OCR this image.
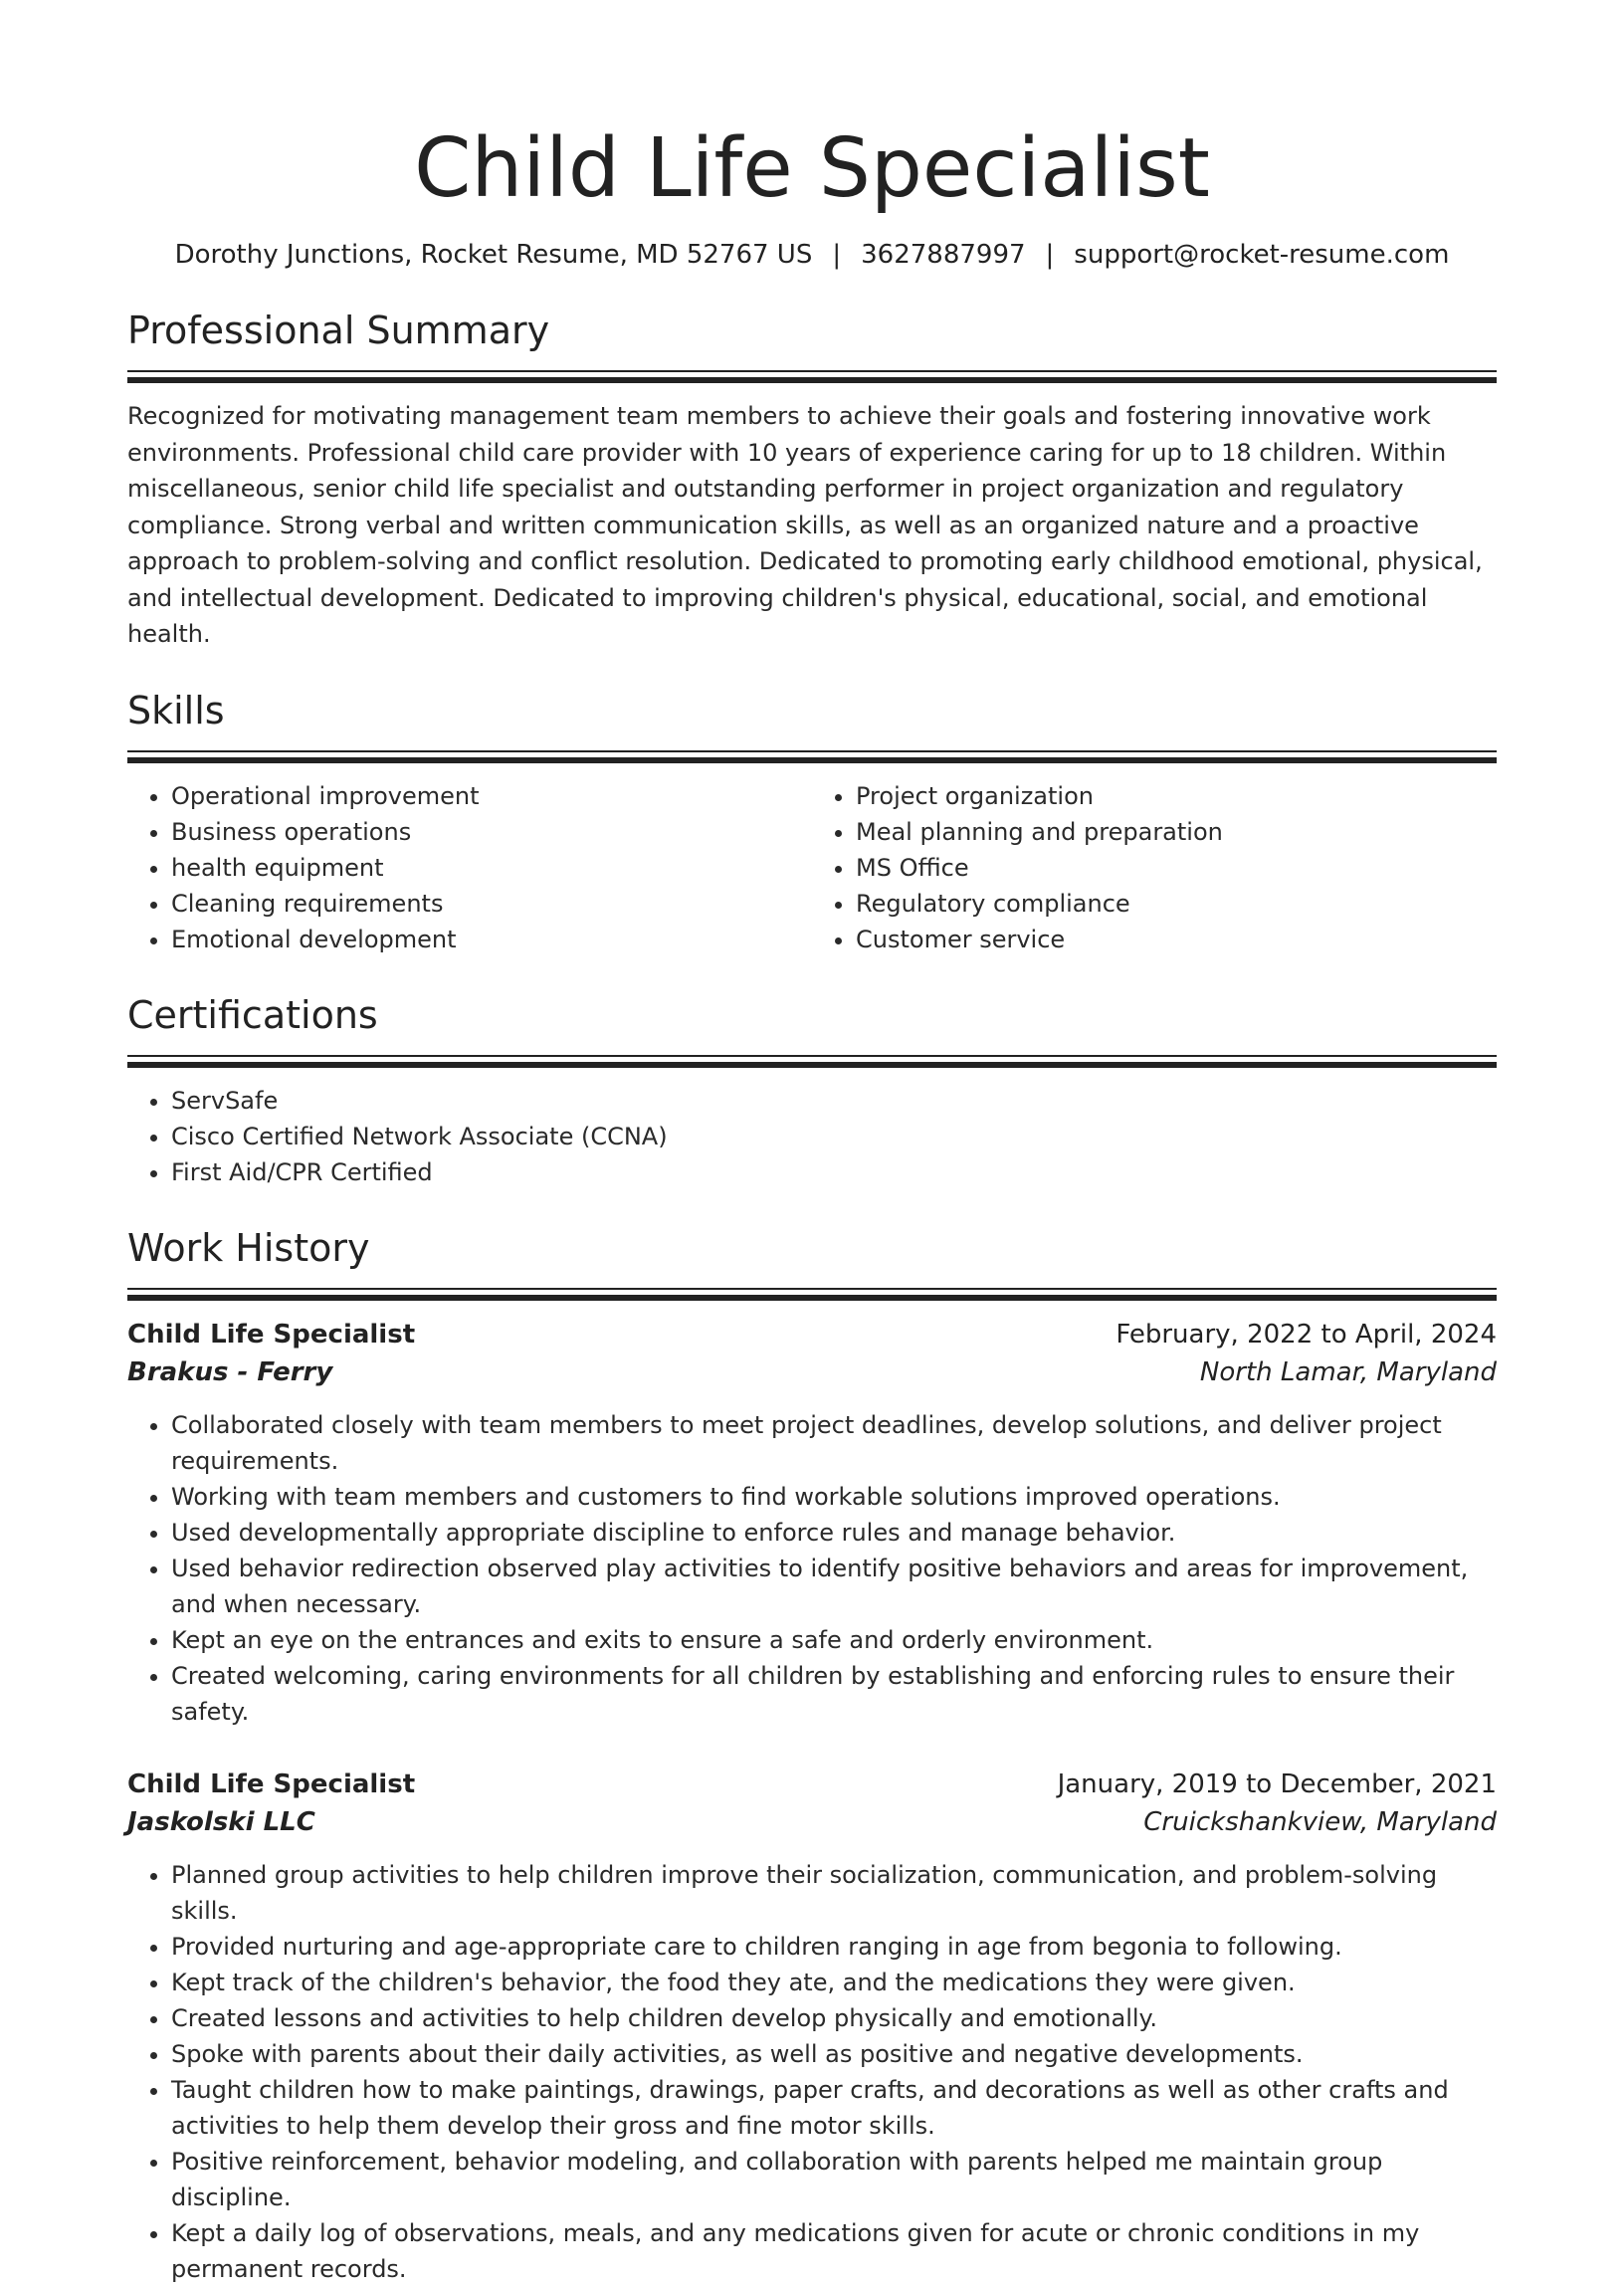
Child Life Specialist
Dorothy Junctions, Rocket Resume, MD 52767 US | 3627887997 | support@rocket-resume.com
Professional Summary
Recognized for motivating management team members to achieve their goals and fostering innovative work environments. Professional child care provider with 10 years of experience caring for up to 18 children. Within miscellaneous, senior child life specialist and outstanding performer in project organization and regulatory compliance. Strong verbal and written communication skills, as well as an organized nature and a proactive approach to problem-solving and conflict resolution. Dedicated to promoting early childhood emotional, physical, and intellectual development. Dedicated to improving children's physical, educational, social, and emotional health.
Skills
• Operational improvement
• Business operations
• health equipment
• Cleaning requirements
• Emotional development
• Project organization
• Meal planning and preparation
• MS Office
• Regulatory compliance
• Customer service
Certifications
• ServSafe
• Cisco Certified Network Associate (CCNA)
• First Aid/CPR Certified
Work History
Child Life Specialist	February, 2022 to April, 2024
Brakus - Ferry	North Lamar, Maryland
• Collaborated closely with team members to meet project deadlines, develop solutions, and deliver project requirements.
• Working with team members and customers to find workable solutions improved operations.
• Used developmentally appropriate discipline to enforce rules and manage behavior.
• Used behavior redirection observed play activities to identify positive behaviors and areas for improvement, and when necessary.
• Kept an eye on the entrances and exits to ensure a safe and orderly environment.
• Created welcoming, caring environments for all children by establishing and enforcing rules to ensure their safety.
Child Life Specialist	January, 2019 to December, 2021
Jaskolski LLC	Cruickshankview, Maryland
• Planned group activities to help children improve their socialization, communication, and problem-solving skills.
• Provided nurturing and age-appropriate care to children ranging in age from begonia to following.
• Kept track of the children's behavior, the food they ate, and the medications they were given.
• Created lessons and activities to help children develop physically and emotionally.
• Spoke with parents about their daily activities, as well as positive and negative developments.
• Taught children how to make paintings, drawings, paper crafts, and decorations as well as other crafts and activities to help them develop their gross and fine motor skills.
• Positive reinforcement, behavior modeling, and collaboration with parents helped me maintain group discipline.
• Kept a daily log of observations, meals, and any medications given for acute or chronic conditions in my permanent records.
